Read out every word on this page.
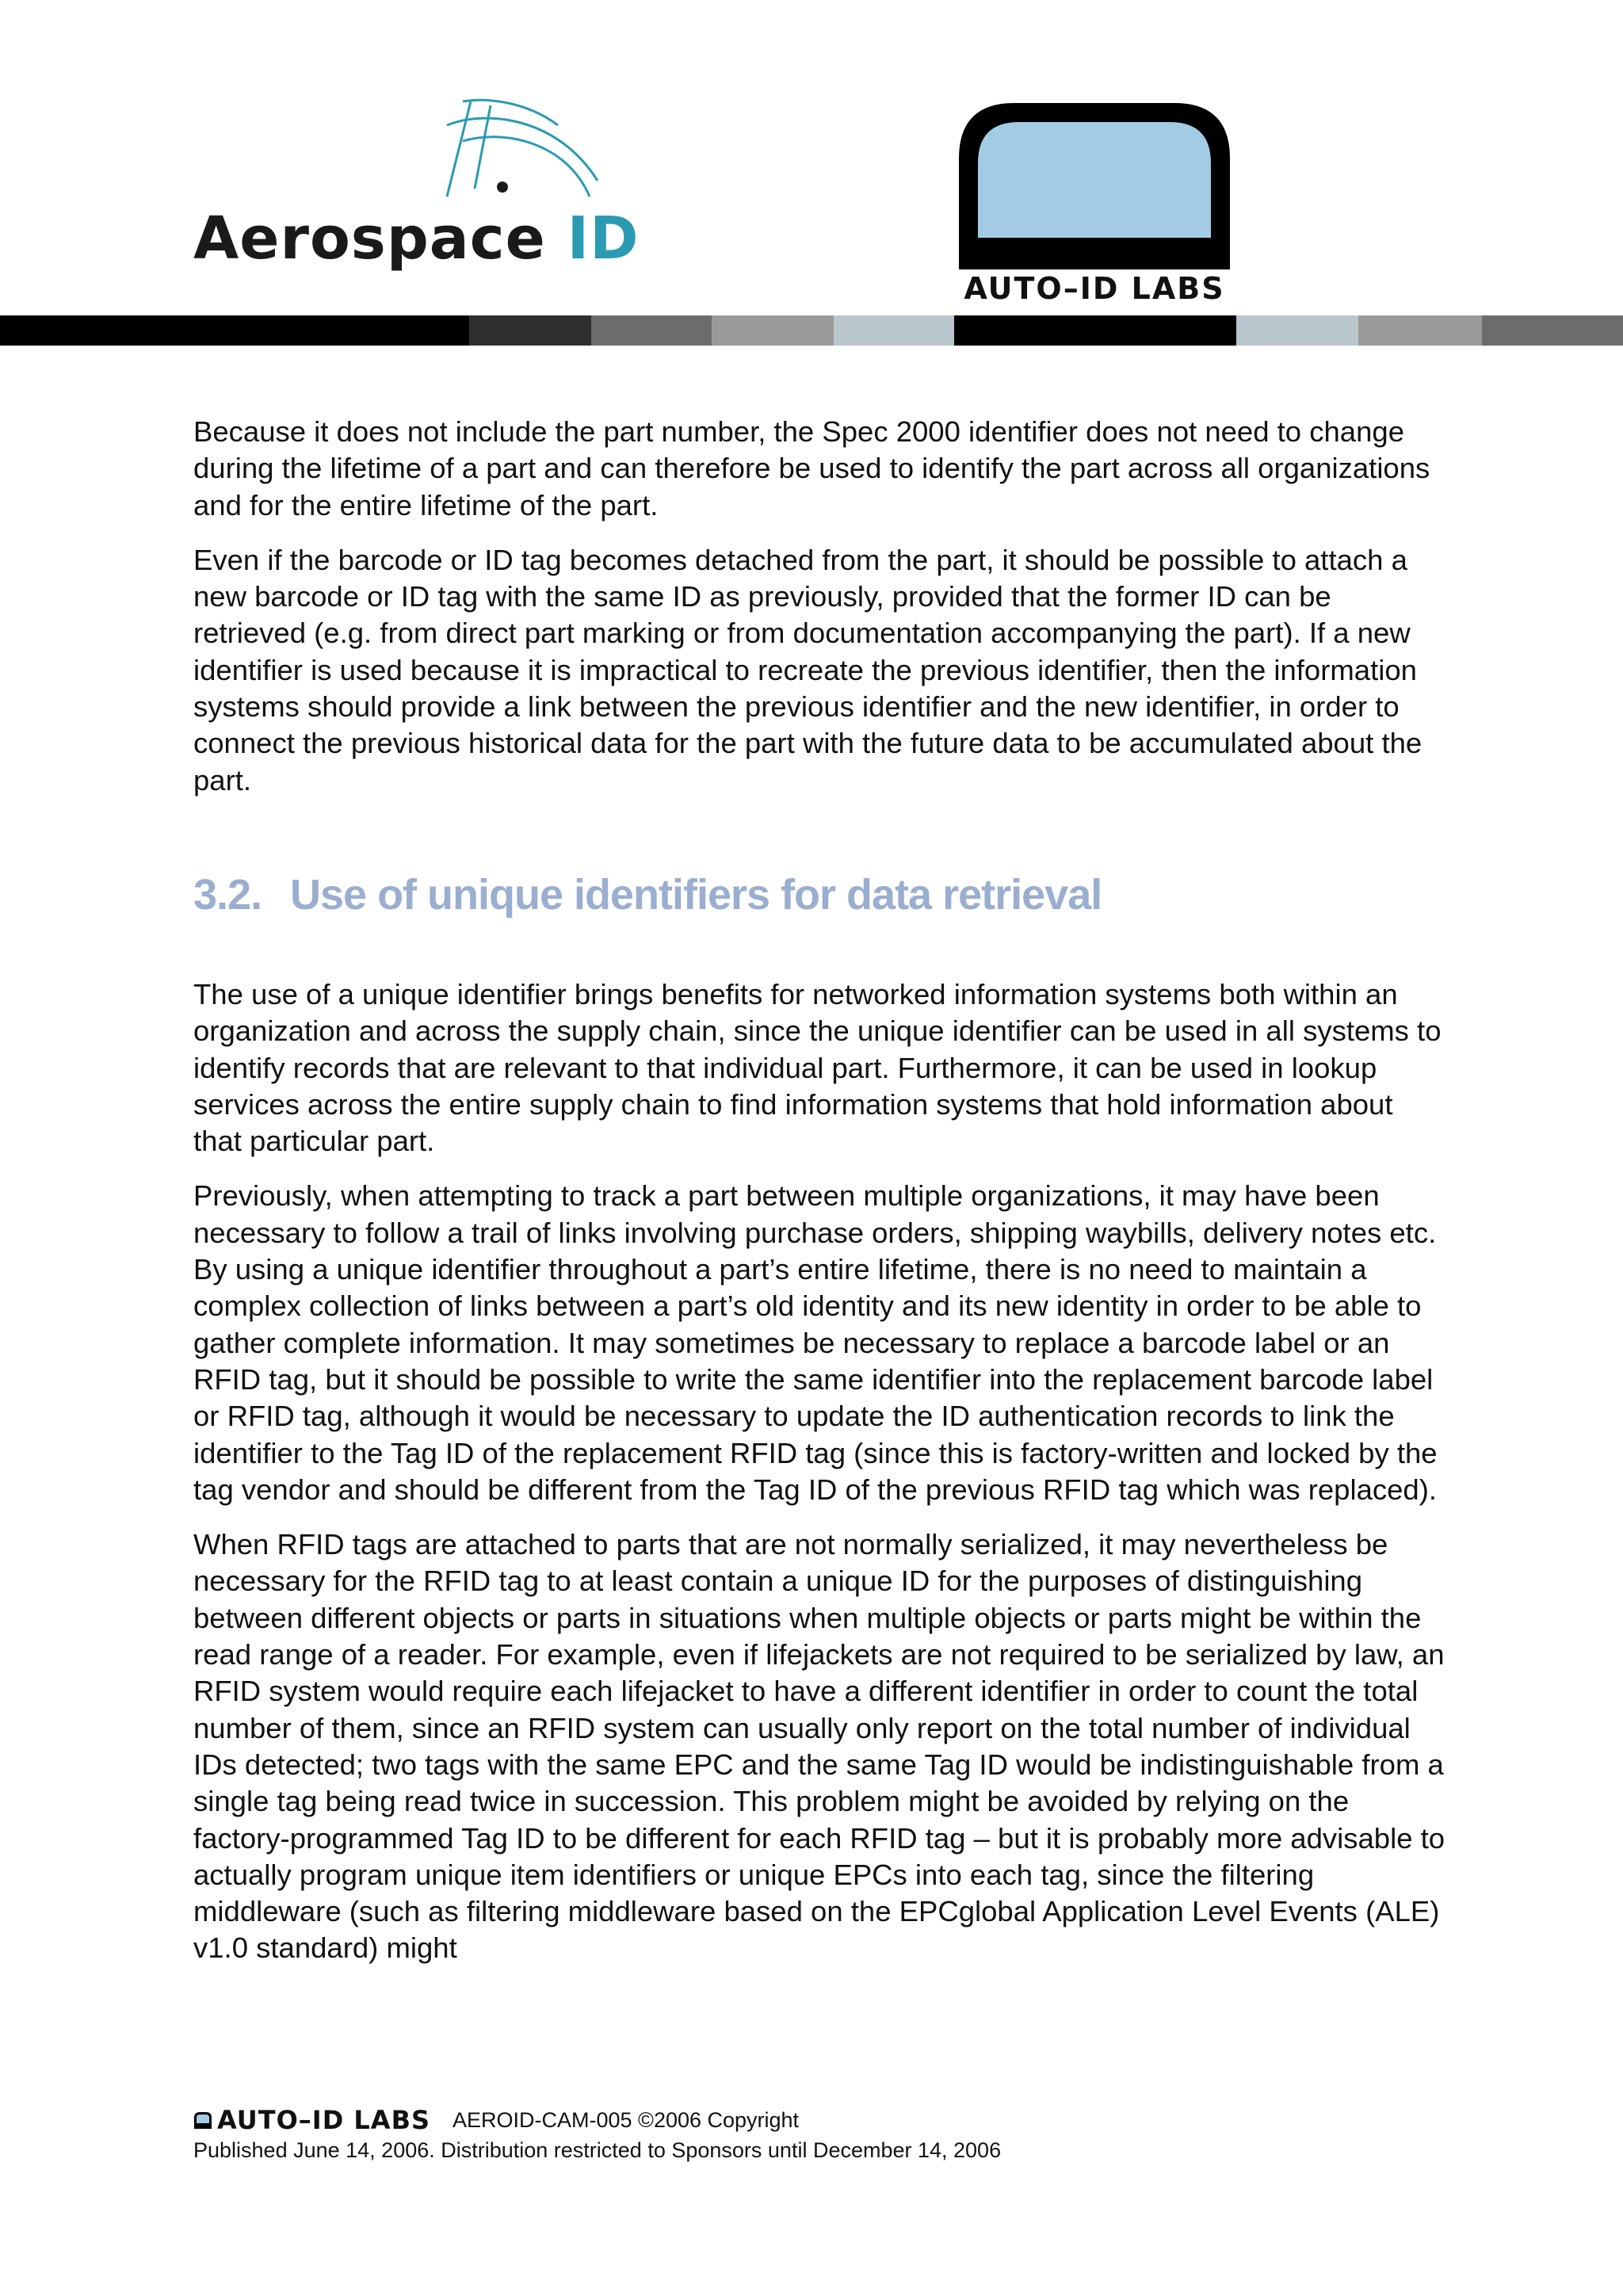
Aerospace ID
AUTO–ID LABS

Because it does not include the part number, the Spec 2000 identifier does not need to change during the lifetime of a part and can therefore be used to identify the part across all organizations and for the entire lifetime of the part.

Even if the barcode or ID tag becomes detached from the part, it should be possible to attach a new barcode or ID tag with the same ID as previously, provided that the former ID can be retrieved (e.g. from direct part marking or from documentation accompanying the part). If a new identifier is used because it is impractical to recreate the previous identifier, then the information systems should provide a link between the previous identifier and the new identifier, in order to connect the previous historical data for the part with the future data to be accumulated about the part.

3.2. Use of unique identifiers for data retrieval

The use of a unique identifier brings benefits for networked information systems both within an organization and across the supply chain, since the unique identifier can be used in all systems to identify records that are relevant to that individual part. Furthermore, it can be used in lookup services across the entire supply chain to find information systems that hold information about that particular part.

Previously, when attempting to track a part between multiple organizations, it may have been necessary to follow a trail of links involving purchase orders, shipping waybills, delivery notes etc. By using a unique identifier throughout a part’s entire lifetime, there is no need to maintain a complex collection of links between a part’s old identity and its new identity in order to be able to gather complete information. It may sometimes be necessary to replace a barcode label or an RFID tag, but it should be possible to write the same identifier into the replacement barcode label or RFID tag, although it would be necessary to update the ID authentication records to link the identifier to the Tag ID of the replacement RFID tag (since this is factory-written and locked by the tag vendor and should be different from the Tag ID of the previous RFID tag which was replaced).

When RFID tags are attached to parts that are not normally serialized, it may nevertheless be necessary for the RFID tag to at least contain a unique ID for the purposes of distinguishing between different objects or parts in situations when multiple objects or parts might be within the read range of a reader. For example, even if lifejackets are not required to be serialized by law, an RFID system would require each lifejacket to have a different identifier in order to count the total number of them, since an RFID system can usually only report on the total number of individual IDs detected; two tags with the same EPC and the same Tag ID would be indistinguishable from a single tag being read twice in succession. This problem might be avoided by relying on the factory-programmed Tag ID to be different for each RFID tag – but it is probably more advisable to actually program unique item identifiers or unique EPCs into each tag, since the filtering middleware (such as filtering middleware based on the EPCglobal Application Level Events (ALE) v1.0 standard) might

AUTO–ID LABS AEROID-CAM-005 ©2006 Copyright
Published June 14, 2006. Distribution restricted to Sponsors until December 14, 2006
